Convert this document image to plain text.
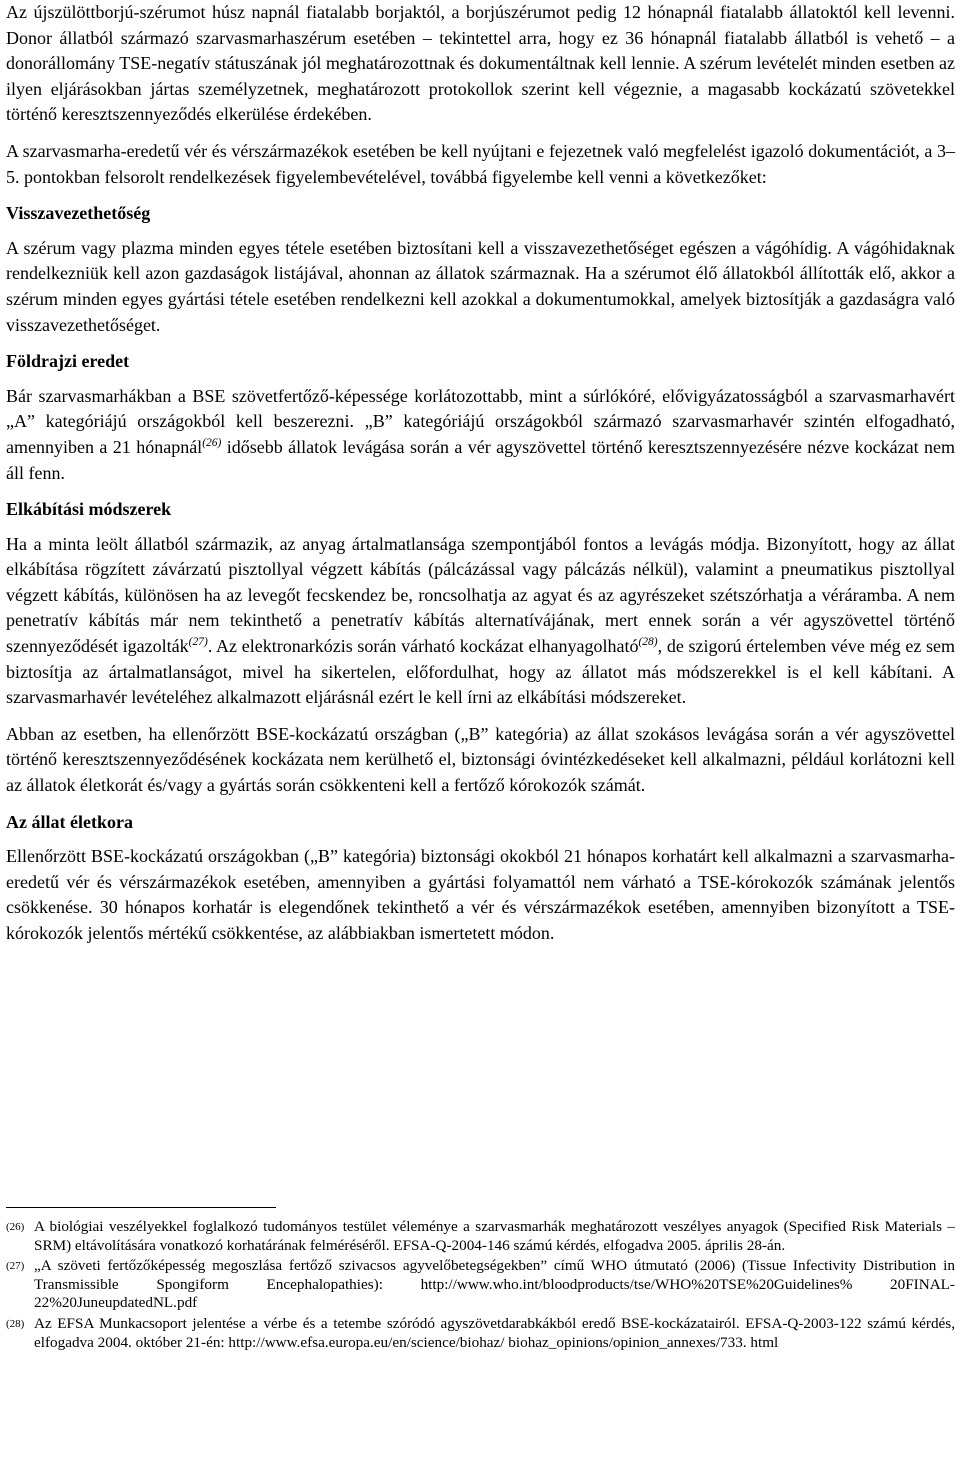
Az újszülöttborjú-szérumot húsz napnál fiatalabb borjaktól, a borjúszérumot pedig 12 hónapnál fiatalabb állatoktól kell levenni. Donor állatból származó szarvasmarhaszérum esetében – tekintettel arra, hogy ez 36 hónapnál fiatalabb állatból is vehető – a donorállomány TSE-negatív státuszának jól meghatározottnak és dokumentáltnak kell lennie. A szérum levételét minden esetben az ilyen eljárásokban jártas személyzetnek, meghatározott protokollok szerint kell végeznie, a magasabb kockázatú szövetekkel történő keresztszennyeződés elkerülése érdekében.

A szarvasmarha-eredetű vér és vérszármazékok esetében be kell nyújtani e fejezetnek való megfelelést igazoló dokumentációt, a 3–5. pontokban felsorolt rendelkezések figyelembevételével, továbbá figyelembe kell venni a következőket:

Visszavezethetőség

A szérum vagy plazma minden egyes tétele esetében biztosítani kell a visszavezethetőséget egészen a vágóhídig. A vágóhidaknak rendelkezniük kell azon gazdaságok listájával, ahonnan az állatok származnak. Ha a szérumot élő állatokból állították elő, akkor a szérum minden egyes gyártási tétele esetében rendelkezni kell azokkal a dokumentumokkal, amelyek biztosítják a gazdaságra való visszavezethetőséget.

Földrajzi eredet

Bár szarvasmarhákban a BSE szövetfertőző-képessége korlátozottabb, mint a súrlókóré, elővigyázatosságból a szarvasmarhavért „A” kategóriájú országokból kell beszerezni. „B” kategóriájú országokból származó szarvasmarhavér szintén elfogadható, amennyiben a 21 hónapnál$^{(26)}$ idősebb állatok levágása során a vér agyszövettel történő keresztszennyezésére nézve kockázat nem áll fenn.

Elkábítási módszerek

Ha a minta leölt állatból származik, az anyag ártalmatlansága szempontjából fontos a levágás módja. Bizonyított, hogy az állat elkábítása rögzített závárzatú pisztollyal végzett kábítás (pálcázással vagy pálcázás nélkül), valamint a pneumatikus pisztollyal végzett kábítás, különösen ha az levegőt fecskendez be, roncsolhatja az agyat és az agyrészeket szétszórhatja a véráramba. A nem penetratív kábítás már nem tekinthető a penetratív kábítás alternatívájának, mert ennek során a vér agyszövettel történő szennyeződését igazolták$^{(27)}$. Az elektronarkózis során várható kockázat elhanyagolható$^{(28)}$, de szigorú értelemben véve még ez sem biztosítja az ártalmatlanságot, mivel ha sikertelen, előfordulhat, hogy az állatot más módszerekkel is el kell kábítani. A szarvasmarhavér levételéhez alkalmazott eljárásnál ezért le kell írni az elkábítási módszereket.

Abban az esetben, ha ellenőrzött BSE-kockázatú országban („B” kategória) az állat szokásos levágása során a vér agyszövettel történő keresztszennyeződésének kockázata nem kerülhető el, biztonsági óvintézkedéseket kell alkalmazni, például korlátozni kell az állatok életkorát és/vagy a gyártás során csökkenteni kell a fertőző kórokozók számát.

Az állat életkora

Ellenőrzött BSE-kockázatú országokban („B” kategória) biztonsági okokból 21 hónapos korhatárt kell alkalmazni a szarvasmarha-eredetű vér és vérszármazékok esetében, amennyiben a gyártási folyamattól nem várható a TSE-kórokozók számának jelentős csökkenése. 30 hónapos korhatár is elegendőnek tekinthető a vér és vérszármazékok esetében, amennyiben bizonyított a TSE-kórokozók jelentős mértékű csökkentése, az alábbiakban ismertetett módon.

(26) A biológiai veszélyekkel foglalkozó tudományos testület véleménye a szarvasmarhák meghatározott veszélyes anyagok (Specified Risk Materials – SRM) eltávolítására vonatkozó korhatárának felméréséről. EFSA-Q-2004-146 számú kérdés, elfogadva 2005. április 28-án.
(27) „A szöveti fertőzőképesség megoszlása fertőző szivacsos agyvelőbetegségekben” című WHO útmutató (2006) (Tissue Infectivity Distribution in Transmissible Spongiform Encephalopathies): http://www.who.int/bloodproducts/tse/WHO%20TSE%20Guidelines% 20FINAL-22%20JuneupdatedNL.pdf
(28) Az EFSA Munkacsoport jelentése a vérbe és a tetembe szóródó agyszövetdarabkákból eredő BSE-kockázatairól. EFSA-Q-2003-122 számú kérdés, elfogadva 2004. október 21-én: http://www.efsa.europa.eu/en/science/biohaz/ biohaz_opinions/opinion_annexes/733. html
